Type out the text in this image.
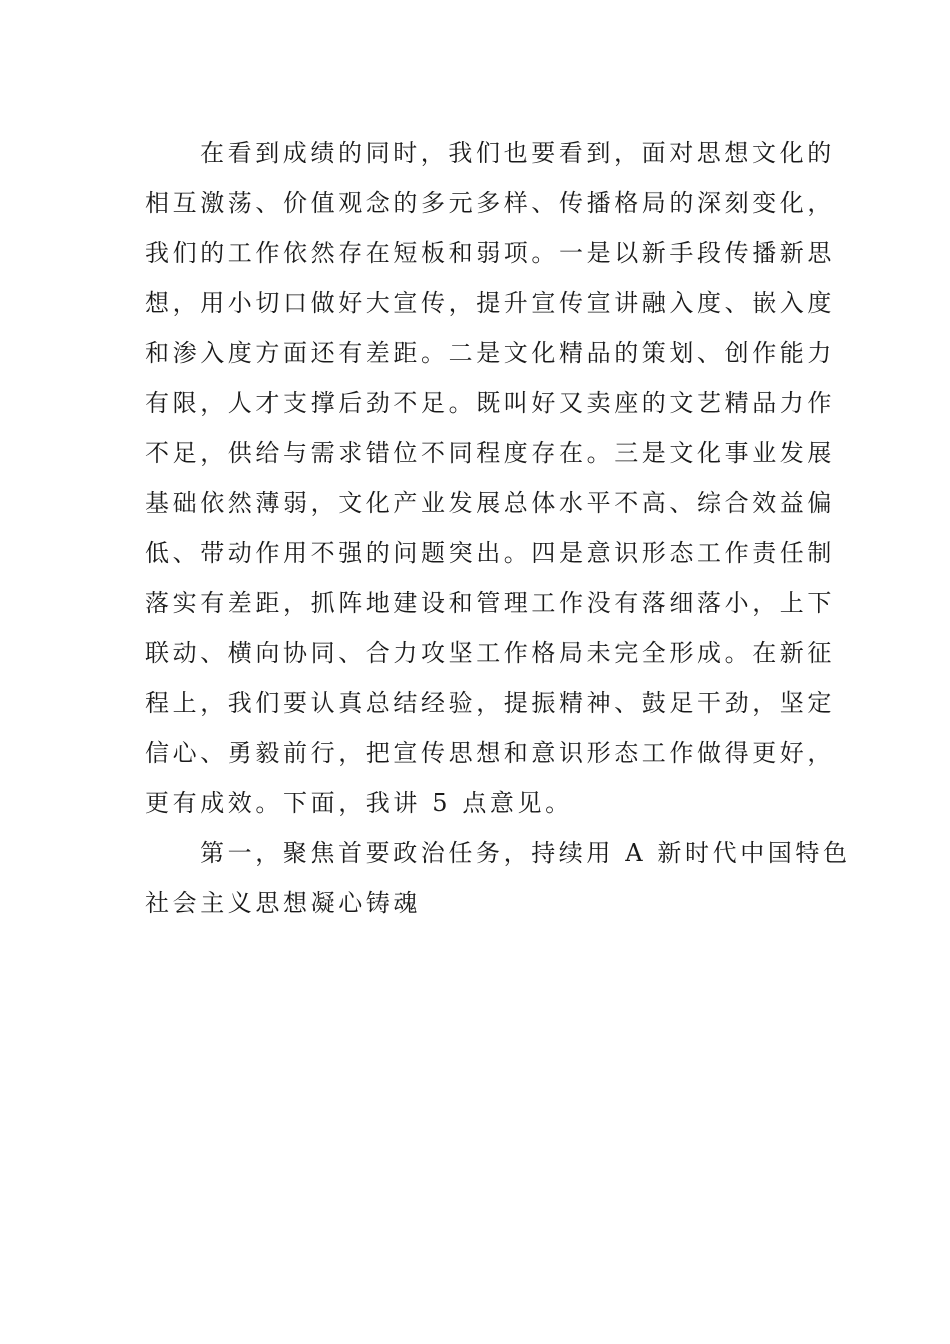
在看到成绩的同时，我们也要看到，面对思想文化的
相互激荡、价值观念的多元多样、传播格局的深刻变化，
我们的工作依然存在短板和弱项。一是以新手段传播新思
想，用小切口做好大宣传，提升宣传宣讲融入度、嵌入度
和渗入度方面还有差距。二是文化精品的策划、创作能力
有限，人才支撑后劲不足。既叫好又卖座的文艺精品力作
不足，供给与需求错位不同程度存在。三是文化事业发展
基础依然薄弱，文化产业发展总体水平不高、综合效益偏
低、带动作用不强的问题突出。四是意识形态工作责任制
落实有差距，抓阵地建设和管理工作没有落细落小，上下
联动、横向协同、合力攻坚工作格局未完全形成。在新征
程上，我们要认真总结经验，提振精神、鼓足干劲，坚定
信心、勇毅前行，把宣传思想和意识形态工作做得更好，
更有成效。下面，我讲 5 点意见。
第一，聚焦首要政治任务，持续用 A 新时代中国特色
社会主义思想凝心铸魂
